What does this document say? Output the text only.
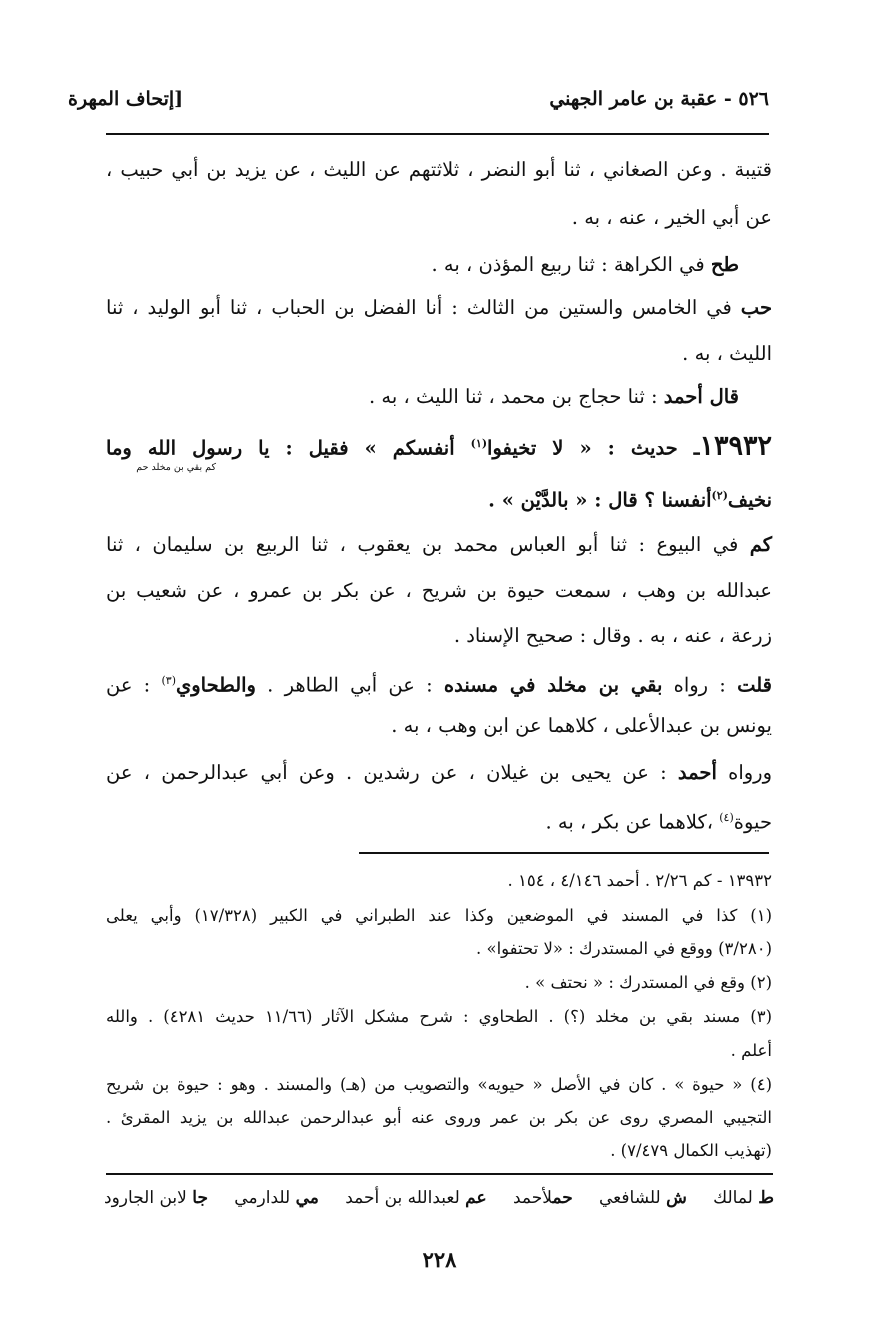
٥٢٦ - عقبة بن عامر الجهني
[إتحاف المهرة
قتيبة . وعن الصغاني ، ثنا أبو النضر ، ثلاثتهم عن الليث ، عن يزيد بن أبي حبيب ،
عن أبي الخير ، عنه ، به .
طح في الكراهة : ثنا ربيع المؤذن ، به .
حب في الخامس والستين من الثالث : أنا الفضل بن الحباب ، ثنا أبو الوليد ، ثنا
الليث ، به .
قال أحمد : ثنا حجاج بن محمد ، ثنا الليث ، به .
١٣٩٣٢ـ حديث : « لا تخيفوا$^{(١)}$ أنفسكم » فقيل : يا رسول الله وما
كم بقي بن مخلد حم
نخيف$^{(٢)}$أنفسنا ؟ قال : « بالدَّيْن » .
كم في البيوع : ثنا أبو العباس محمد بن يعقوب ، ثنا الربيع بن سليمان ، ثنا
عبدالله بن وهب ، سمعت حيوة بن شريح ، عن بكر بن عمرو ، عن شعيب بن
زرعة ، عنه ، به . وقال : صحيح الإسناد .
قلت : رواه بقي بن مخلد في مسنده : عن أبي الطاهر . والطحاوي$^{(٣)}$ : عن
يونس بن عبدالأعلى ، كلاهما عن ابن وهب ، به .
ورواه أحمد : عن يحيى بن غيلان ، عن رشدين . وعن أبي عبدالرحمن ، عن
حيوة$^{(٤)}$ ،كلاهما عن بكر ، به .
١٣٩٣٢ - كم ٢/٢٦ . أحمد ٤/١٤٦ ، ١٥٤ .
(١) كذا في المسند في الموضعين وكذا عند الطبراني في الكبير (١٧/٣٢٨) وأبي يعلى
(٣/٢٨٠) ووقع في المستدرك : «لا تحتفوا» .
(٢) وقع في المستدرك : « نحتف » .
(٣) مسند بقي بن مخلد (؟) . الطحاوي : شرح مشكل الآثار (١١/٦٦ حديث ٤٢٨١) . والله
أعلم .
(٤) « حيوة » . كان في الأصل « حيويه» والتصويب من (هـ) والمسند . وهو : حيوة بن شريح
التجيبي المصري روى عن بكر بن عمر وروى عنه أبو عبدالرحمن عبدالله بن يزيد المقرئ .
(تهذيب الكمال ٧/٤٧٩) .
ط لمالك
ش للشافعي
حملأحمد
عم لعبدالله بن أحمد
مي للدارمي
جا لابن الجارود
٢٢٨
